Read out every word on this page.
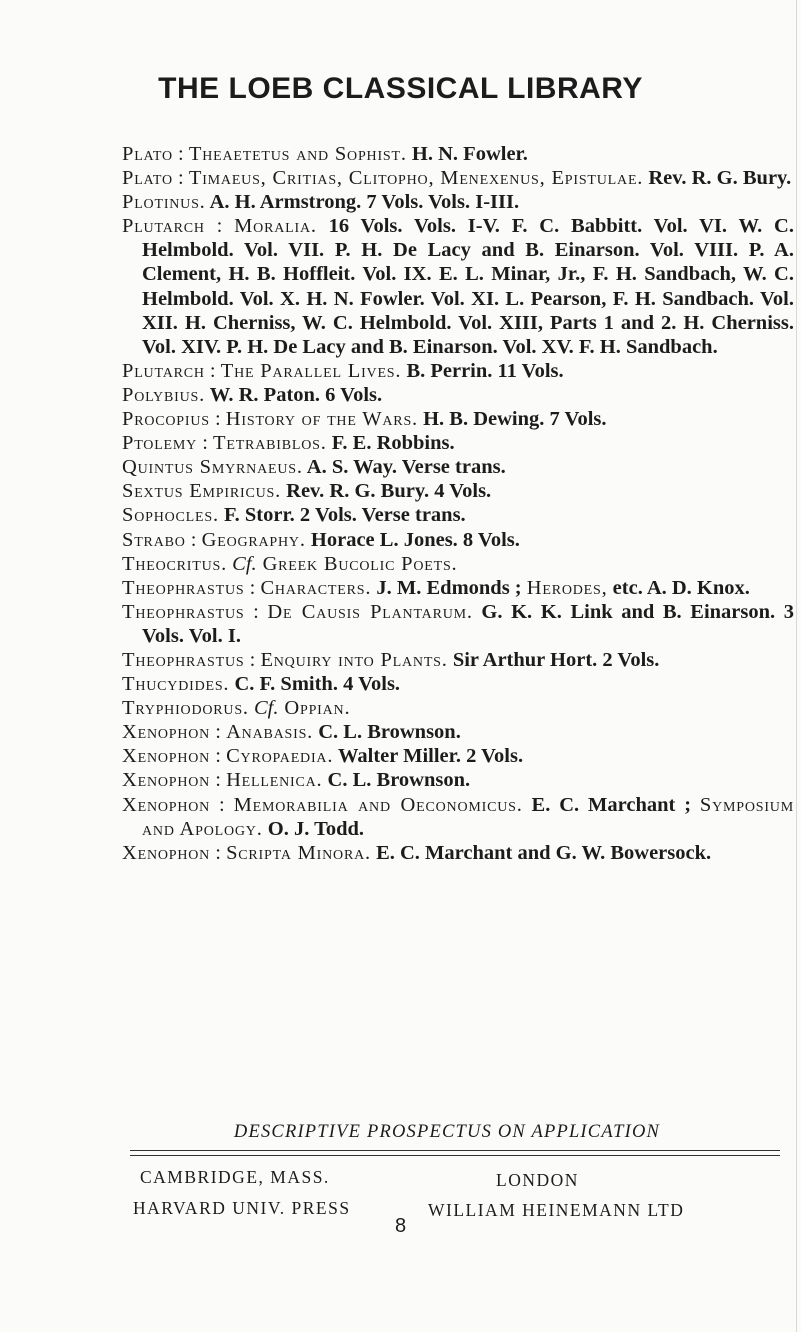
THE LOEB CLASSICAL LIBRARY
Plato : Theaetetus and Sophist. H. N. Fowler.
Plato : Timaeus, Critias, Clitopho, Menexenus, Epistulae. Rev. R. G. Bury.
Plotinus. A. H. Armstrong. 7 Vols. Vols. I-III.
Plutarch : Moralia. 16 Vols. Vols. I-V. F. C. Babbitt. Vol. VI. W. C. Helmbold. Vol. VII. P. H. De Lacy and B. Einarson. Vol. VIII. P. A. Clement, H. B. Hoffleit. Vol. IX. E. L. Minar, Jr., F. H. Sandbach, W. C. Helmbold. Vol. X. H. N. Fowler. Vol. XI. L. Pearson, F. H. Sandbach. Vol. XII. H. Cherniss, W. C. Helmbold. Vol. XIII, Parts 1 and 2. H. Cherniss. Vol. XIV. P. H. De Lacy and B. Einarson. Vol. XV. F. H. Sandbach.
Plutarch : The Parallel Lives. B. Perrin. 11 Vols.
Polybius. W. R. Paton. 6 Vols.
Procopius : History of the Wars. H. B. Dewing. 7 Vols.
Ptolemy : Tetrabiblos. F. E. Robbins.
Quintus Smyrnaeus. A. S. Way. Verse trans.
Sextus Empiricus. Rev. R. G. Bury. 4 Vols.
Sophocles. F. Storr. 2 Vols. Verse trans.
Strabo : Geography. Horace L. Jones. 8 Vols.
Theocritus. Cf. Greek Bucolic Poets.
Theophrastus : Characters. J. M. Edmonds ; Herodes, etc. A. D. Knox.
Theophrastus : De Causis Plantarum. G. K. K. Link and B. Einarson. 3 Vols. Vol. I.
Theophrastus : Enquiry into Plants. Sir Arthur Hort. 2 Vols.
Thucydides. C. F. Smith. 4 Vols.
Tryphiodorus. Cf. Oppian.
Xenophon : Anabasis. C. L. Brownson.
Xenophon : Cyropaedia. Walter Miller. 2 Vols.
Xenophon : Hellenica. C. L. Brownson.
Xenophon : Memorabilia and Oeconomicus. E. C. Marchant ; Symposium and Apology. O. J. Todd.
Xenophon : Scripta Minora. E. C. Marchant and G. W. Bowersock.
DESCRIPTIVE PROSPECTUS ON APPLICATION
CAMBRIDGE, MASS.	LONDON
HARVARD UNIV. PRESS	WILLIAM HEINEMANN LTD
8
